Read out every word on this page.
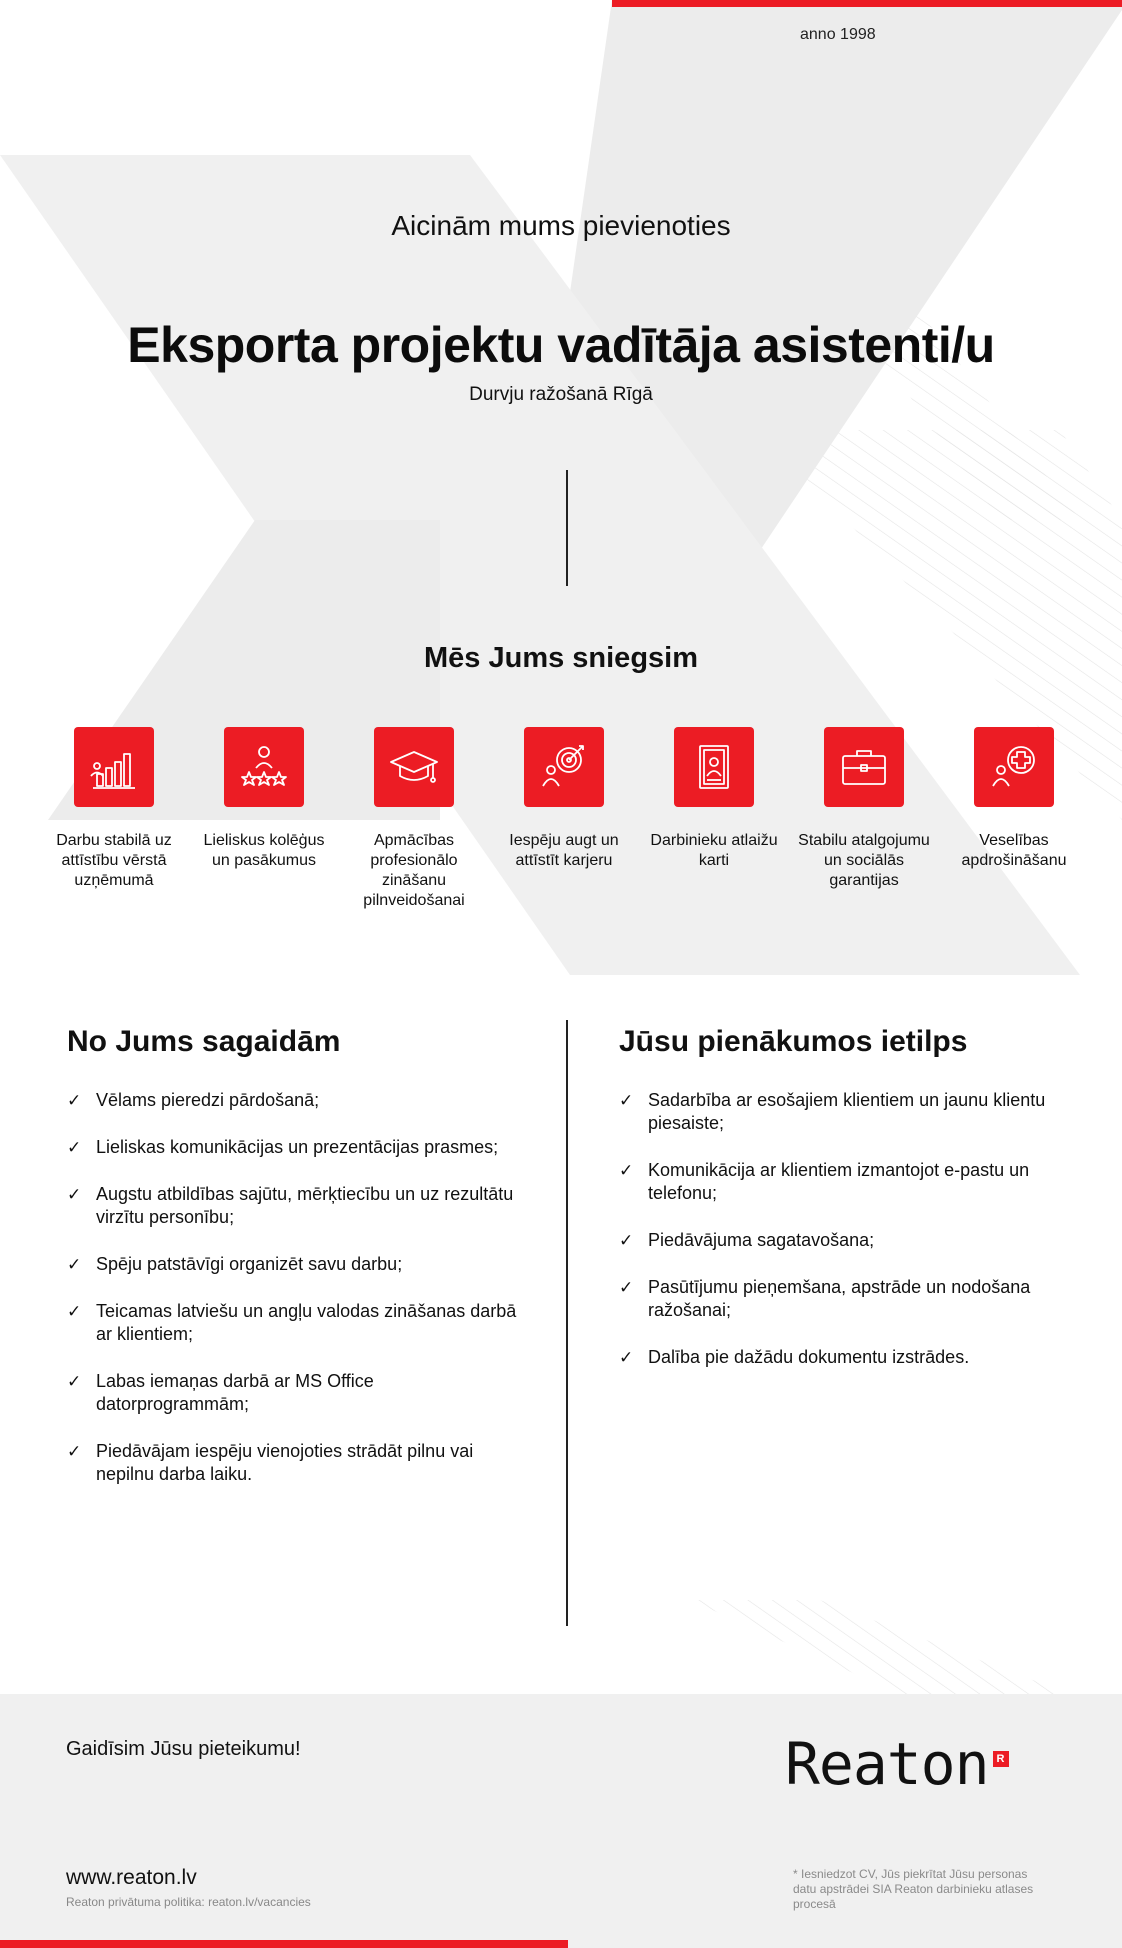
anno 1998
Aicinām mums pievienoties
Eksporta projektu vadītāja asistenti/u
Durvju ražošanā Rīgā
Mēs Jums sniegsim
Darbu stabilā uz attīstību vērstā uzņēmumā
Lieliskus kolēģus un pasākumus
Apmācības profesionālo zināšanu pilnveidošanai
Iespēju augt un attīstīt karjeru
Darbinieku atlaižu karti
Stabilu atalgojumu un sociālās garantijas
Veselības apdrošināšanu
No Jums sagaidām
✓ Vēlams pieredzi pārdošanā;
✓ Lieliskas komunikācijas un prezentācijas prasmes;
✓ Augstu atbildības sajūtu, mērķtiecību un uz rezultātu virzītu personību;
✓ Spēju patstāvīgi organizēt savu darbu;
✓ Teicamas latviešu un angļu valodas zināšanas darbā ar klientiem;
✓ Labas iemaņas darbā ar MS Office datorprogrammām;
✓ Piedāvājam iespēju vienojoties strādāt pilnu vai nepilnu darba laiku.
Jūsu pienākumos ietilps
✓ Sadarbība ar esošajiem klientiem un jaunu klientu piesaiste;
✓ Komunikācija ar klientiem izmantojot e-pastu un telefonu;
✓ Piedāvājuma sagatavošana;
✓ Pasūtījumu pieņemšana, apstrāde un nodošana ražošanai;
✓ Dalība pie dažādu dokumentu izstrādes.
Gaidīsim Jūsu pieteikumu!	Reaton R
www.reaton.lv
Reaton privātuma politika: reaton.lv/vacancies
* Iesniedzot CV, Jūs piekrītat Jūsu personas datu apstrādei SIA Reaton darbinieku atlases procesā
